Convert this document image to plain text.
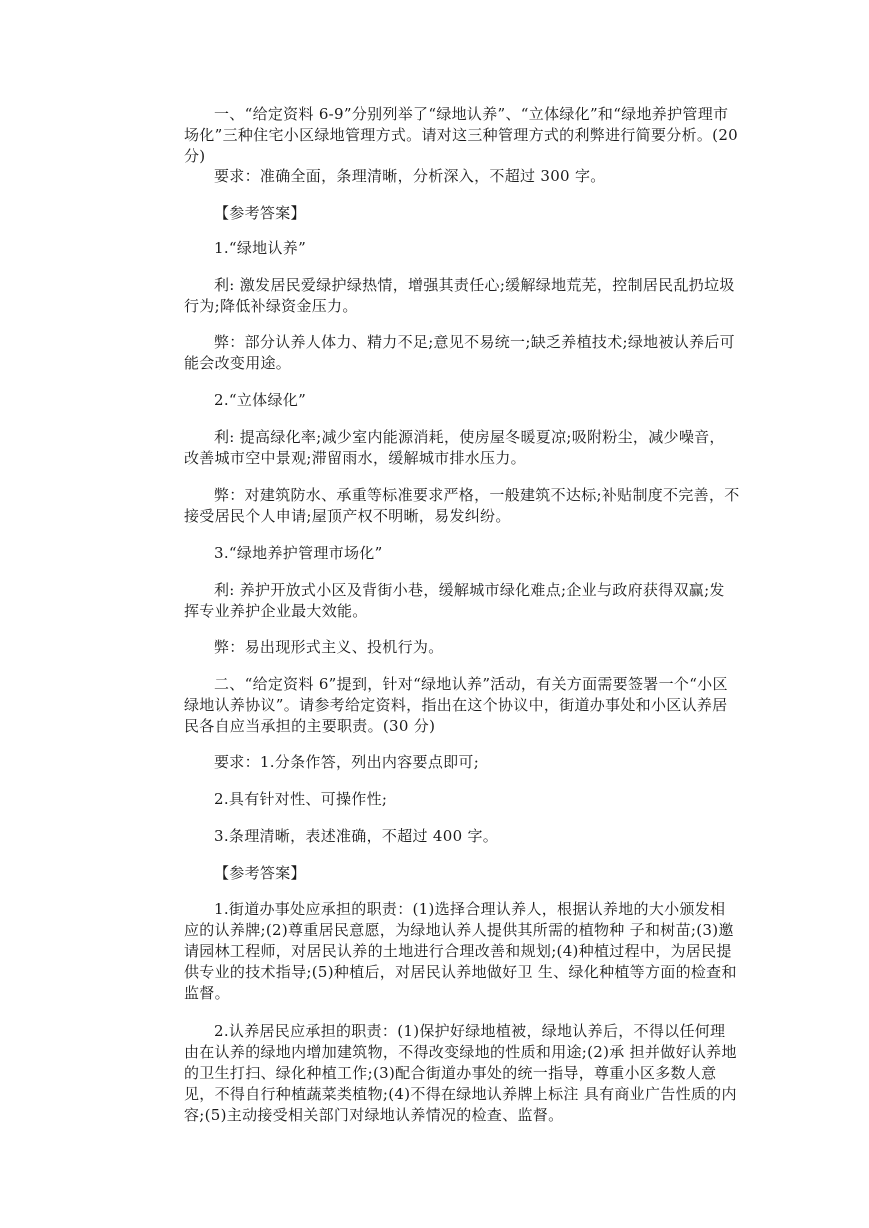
一、“给定资料 6-9”分别列举了“绿地认养”、“立体绿化”和“绿地养护管理市场化”三种住宅小区绿地管理方式。请对这三种管理方式的利弊进行简要分析。(20 分)

要求：准确全面，条理清晰，分析深入，不超过 300 字。

【参考答案】

1.“绿地认养”

利: 激发居民爱绿护绿热情，增强其责任心;缓解绿地荒芜，控制居民乱扔垃圾行为;降低补绿资金压力。

弊：部分认养人体力、精力不足;意见不易统一;缺乏养植技术;绿地被认养后可能会改变用途。

2.“立体绿化”

利: 提高绿化率;减少室内能源消耗，使房屋冬暖夏凉;吸附粉尘，减少噪音，改善城市空中景观;滞留雨水，缓解城市排水压力。

弊：对建筑防水、承重等标准要求严格，一般建筑不达标;补贴制度不完善，不接受居民个人申请;屋顶产权不明晰，易发纠纷。

3.“绿地养护管理市场化”

利: 养护开放式小区及背街小巷，缓解城市绿化难点;企业与政府获得双赢;发挥专业养护企业最大效能。

弊：易出现形式主义、投机行为。

二、“给定资料 6”提到，针对“绿地认养”活动，有关方面需要签署一个“小区绿地认养协议”。请参考给定资料，指出在这个协议中，街道办事处和小区认养居民各自应当承担的主要职责。(30 分)

要求：1.分条作答，列出内容要点即可;

2.具有针对性、可操作性;

3.条理清晰，表述准确，不超过 400 字。

【参考答案】

1.街道办事处应承担的职责：(1)选择合理认养人，根据认养地的大小颁发相应的认养牌;(2)尊重居民意愿，为绿地认养人提供其所需的植物种 子和树苗;(3)邀请园林工程师，对居民认养的土地进行合理改善和规划;(4)种植过程中，为居民提供专业的技术指导;(5)种植后，对居民认养地做好卫 生、绿化种植等方面的检查和监督。

2.认养居民应承担的职责：(1)保护好绿地植被，绿地认养后，不得以任何理由在认养的绿地内增加建筑物，不得改变绿地的性质和用途;(2)承 担并做好认养地的卫生打扫、绿化种植工作;(3)配合街道办事处的统一指导，尊重小区多数人意见，不得自行种植蔬菜类植物;(4)不得在绿地认养牌上标注 具有商业广告性质的内容;(5)主动接受相关部门对绿地认养情况的检查、监督。
